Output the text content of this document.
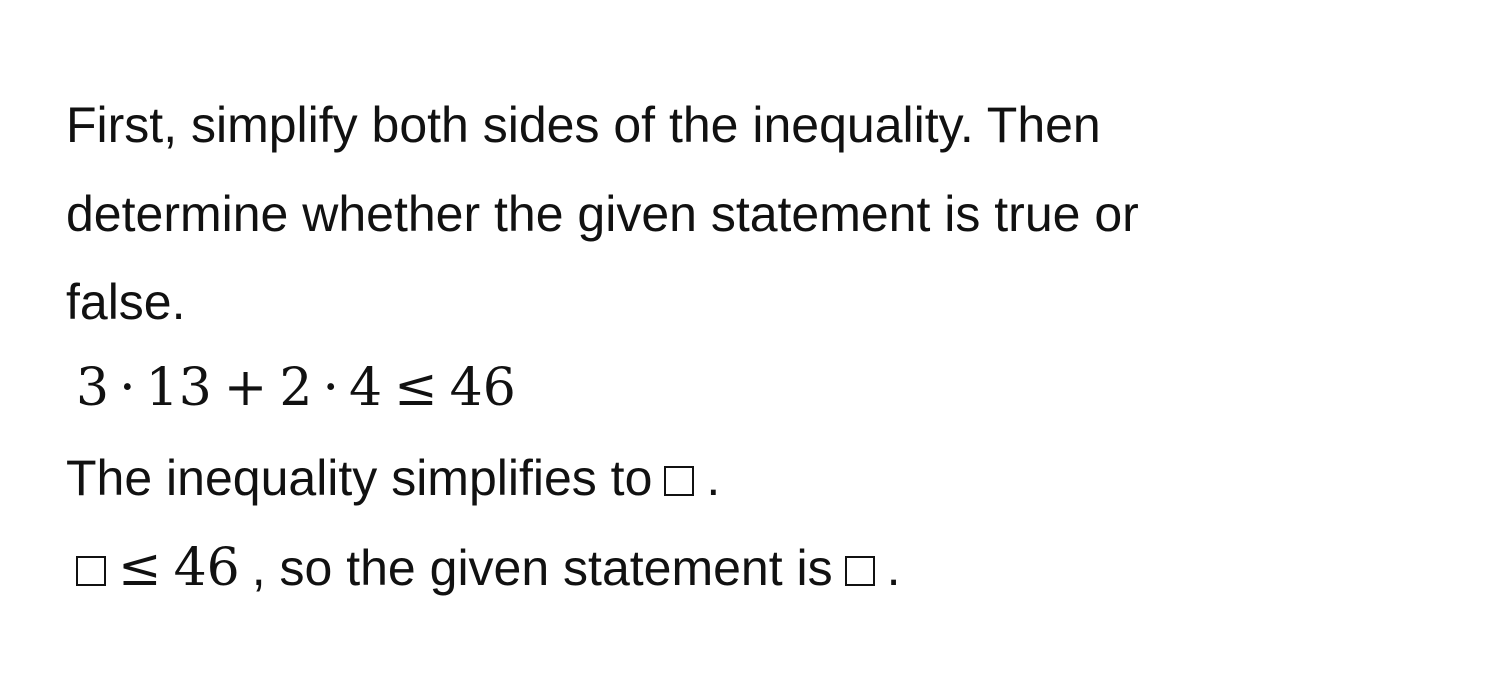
First, simplify both sides of the inequality. Then
determine whether the given statement is true or
false.
3 · 13 + 2 · 4 ≤ 46
The inequality simplifies to .
≤ 46 , so the given statement is .
